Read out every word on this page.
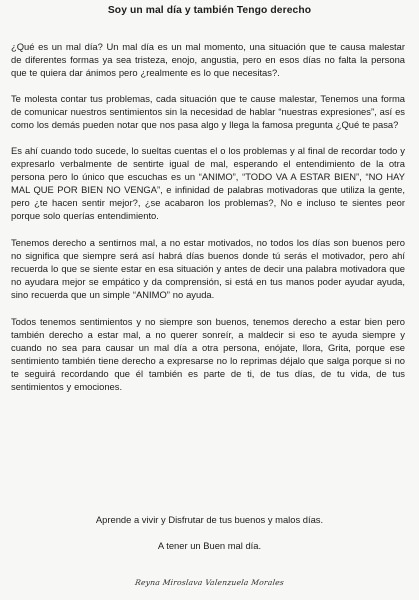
Soy un mal día y también Tengo derecho

¿Qué es un mal día? Un mal día es un mal momento, una situación que te causa malestar de diferentes formas ya sea tristeza, enojo, angustia, pero en esos días no falta la persona que te quiera dar ánimos pero ¿realmente es lo que necesitas?.

Te molesta contar tus problemas, cada situación que te cause malestar, Tenemos una forma de comunicar nuestros sentimientos sin la necesidad de hablar “nuestras expresiones”, así es como los demás pueden notar que nos pasa algo y llega la famosa pregunta ¿Qué te pasa?

Es ahí cuando todo sucede, lo sueltas cuentas el o los problemas y al final de recordar todo y expresarlo verbalmente de sentirte igual de mal, esperando el entendimiento de la otra persona pero lo único que escuchas es un “ANIMO”, “TODO VA A ESTAR BIEN”, “NO HAY MAL QUE POR BIEN NO VENGA”, e infinidad de palabras motivadoras que utiliza la gente, pero ¿te hacen sentir mejor?, ¿se acabaron los problemas?, No e incluso te sientes peor porque solo querías entendimiento.

Tenemos derecho a sentirnos mal, a no estar motivados, no todos los días son buenos pero no significa que siempre será así habrá días buenos donde tú serás el motivador, pero ahí recuerda lo que se siente estar en esa situación y antes de decir una palabra motivadora que no ayudara mejor se empático y da comprensión, si está en tus manos poder ayudar ayuda, sino recuerda que un simple “ANIMO” no ayuda.

Todos tenemos sentimientos y no siempre son buenos, tenemos derecho a estar bien pero también derecho a estar mal, a no querer sonreír, a maldecir si eso te ayuda siempre y cuando no sea para causar un mal día a otra persona, enójate, llora, Grita, porque ese sentimiento también tiene derecho a expresarse no lo reprimas déjalo que salga porque si no te seguirá recordando que él también es parte de ti, de tus días, de tu vida, de tus sentimientos y emociones.

Aprende a vivir y Disfrutar de tus buenos y malos días.

A tener un Buen mal día.

Reyna Miroslava Valenzuela Morales
